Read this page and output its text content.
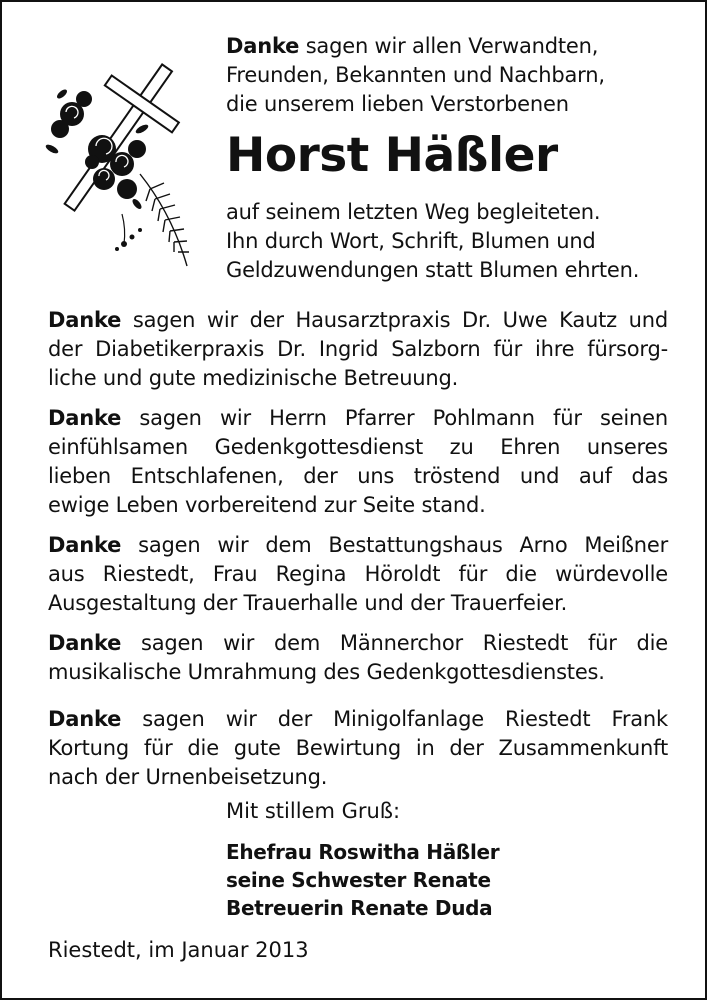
Danke sagen wir allen Verwandten,
Freunden, Bekannten und Nachbarn,
die unserem lieben Verstorbenen
Horst Häßler
auf seinem letzten Weg begleiteten.
Ihn durch Wort, Schrift, Blumen und
Geldzuwendungen statt Blumen ehrten.
Danke sagen wir der Hausarztpraxis Dr. Uwe Kautz und
der Diabetikerpraxis Dr. Ingrid Salzborn für ihre fürsorg-
liche und gute medizinische Betreuung.
Danke sagen wir Herrn Pfarrer Pohlmann für seinen
einfühlsamen Gedenkgottesdienst zu Ehren unseres
lieben Entschlafenen, der uns tröstend und auf das
ewige Leben vorbereitend zur Seite stand.
Danke sagen wir dem Bestattungshaus Arno Meißner
aus Riestedt, Frau Regina Höroldt für die würdevolle
Ausgestaltung der Trauerhalle und der Trauerfeier.
Danke sagen wir dem Männerchor Riestedt für die
musikalische Umrahmung des Gedenkgottesdienstes.
Danke sagen wir der Minigolfanlage Riestedt Frank
Kortung für die gute Bewirtung in der Zusammenkunft
nach der Urnenbeisetzung.
Mit stillem Gruß:
Ehefrau Roswitha Häßler
seine Schwester Renate
Betreuerin Renate Duda
Riestedt, im Januar 2013
